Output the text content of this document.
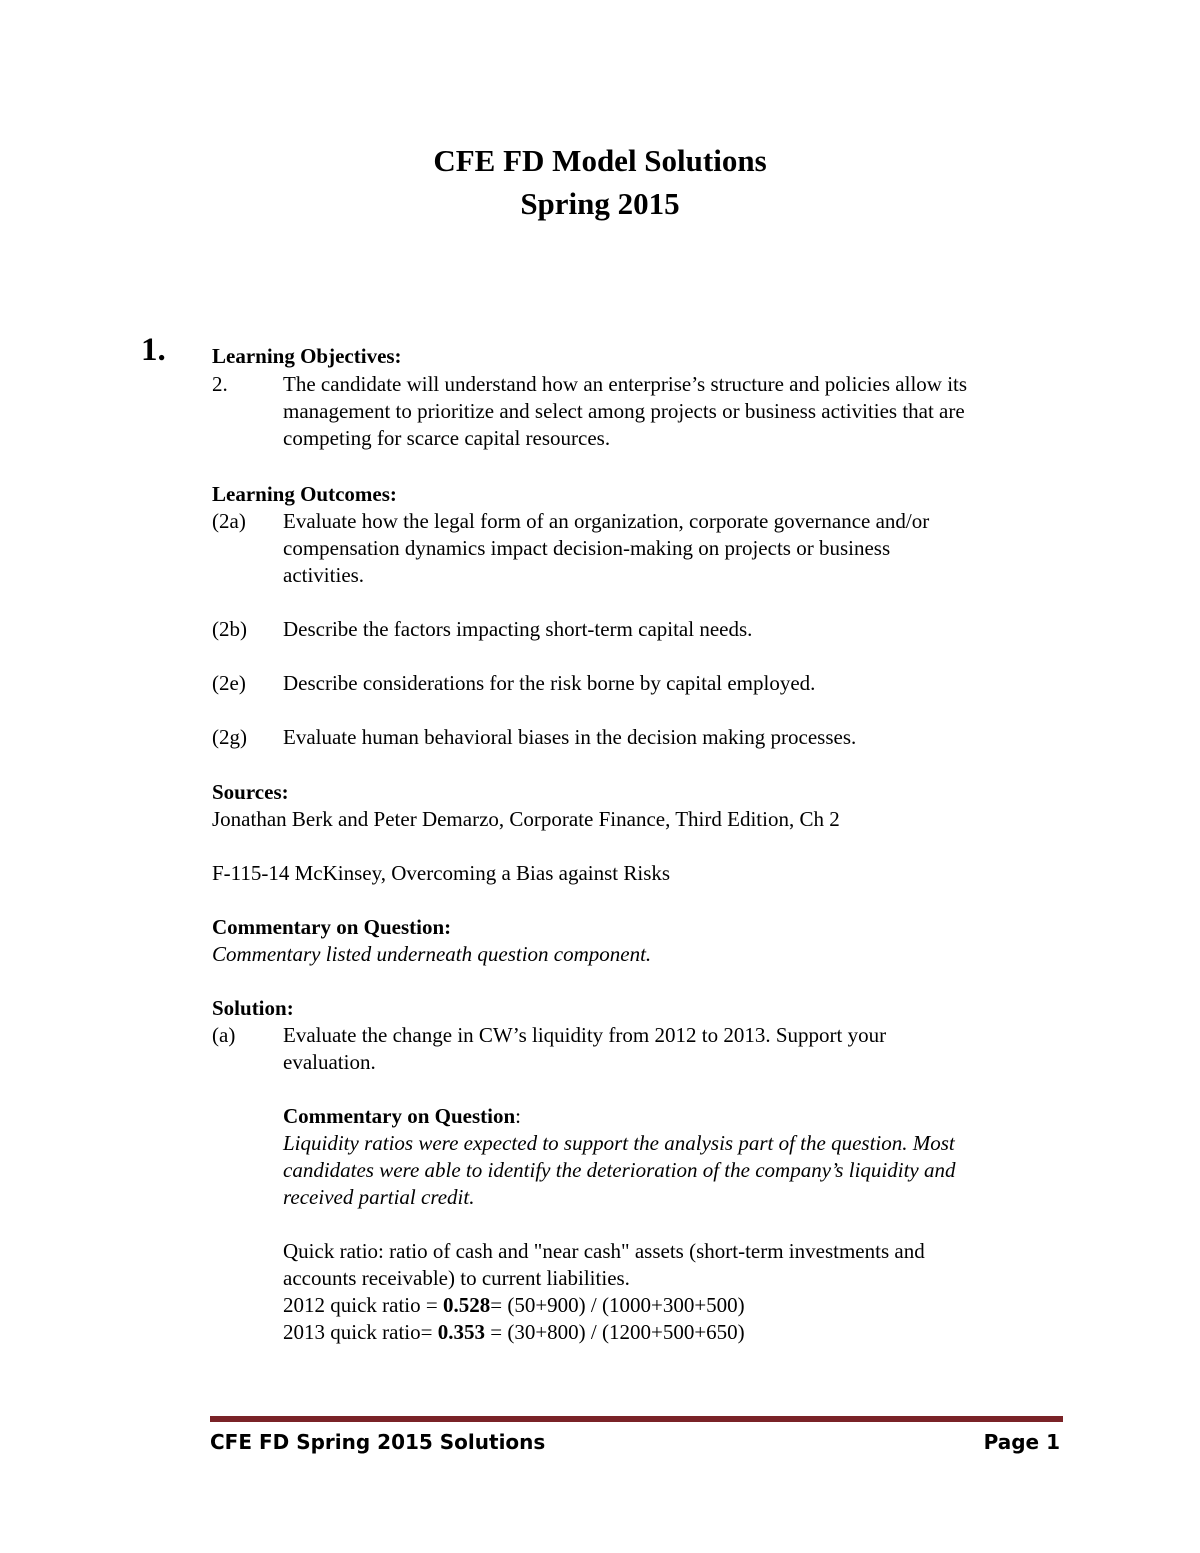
CFE FD Model Solutions
Spring 2015
1. Learning Objectives:
2.	The candidate will understand how an enterprise’s structure and policies allow its
management to prioritize and select among projects or business activities that are
competing for scarce capital resources.
Learning Outcomes:
(2a) Evaluate how the legal form of an organization, corporate governance and/or
compensation dynamics impact decision-making on projects or business
activities.
(2b) Describe the factors impacting short-term capital needs.
(2e) Describe considerations for the risk borne by capital employed.
(2g) Evaluate human behavioral biases in the decision making processes.
Sources:
Jonathan Berk and Peter Demarzo, Corporate Finance, Third Edition, Ch 2
F-115-14 McKinsey, Overcoming a Bias against Risks
Commentary on Question:
Commentary listed underneath question component.
Solution:
(a) Evaluate the change in CW’s liquidity from 2012 to 2013. Support your
evaluation.
Commentary on Question:
Liquidity ratios were expected to support the analysis part of the question. Most
candidates were able to identify the deterioration of the company’s liquidity and
received partial credit.
Quick ratio: ratio of cash and "near cash" assets (short-term investments and
accounts receivable) to current liabilities.
2012 quick ratio = 0.528= (50+900) / (1000+300+500)
2013 quick ratio= 0.353 = (30+800) / (1200+500+650)
CFE FD Spring 2015 Solutions	Page 1
